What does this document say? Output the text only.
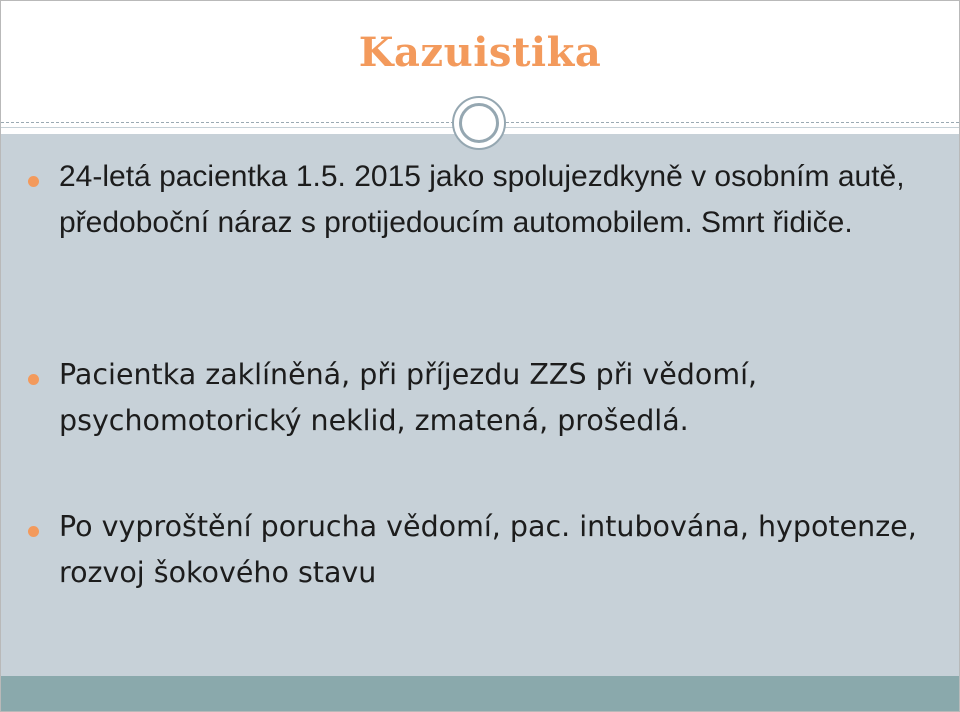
Kazuistika

24-letá pacientka 1.5. 2015 jako spolujezdkyně v osobním autě, předoboční náraz s protijedoucím automobilem. Smrt řidiče.

Pacientka zaklíněná, při příjezdu ZZS při vědomí, psychomotorický neklid, zmatená, prošedlá.

Po vyproštění porucha vědomí, pac. intubována, hypotenze, rozvoj šokového stavu
